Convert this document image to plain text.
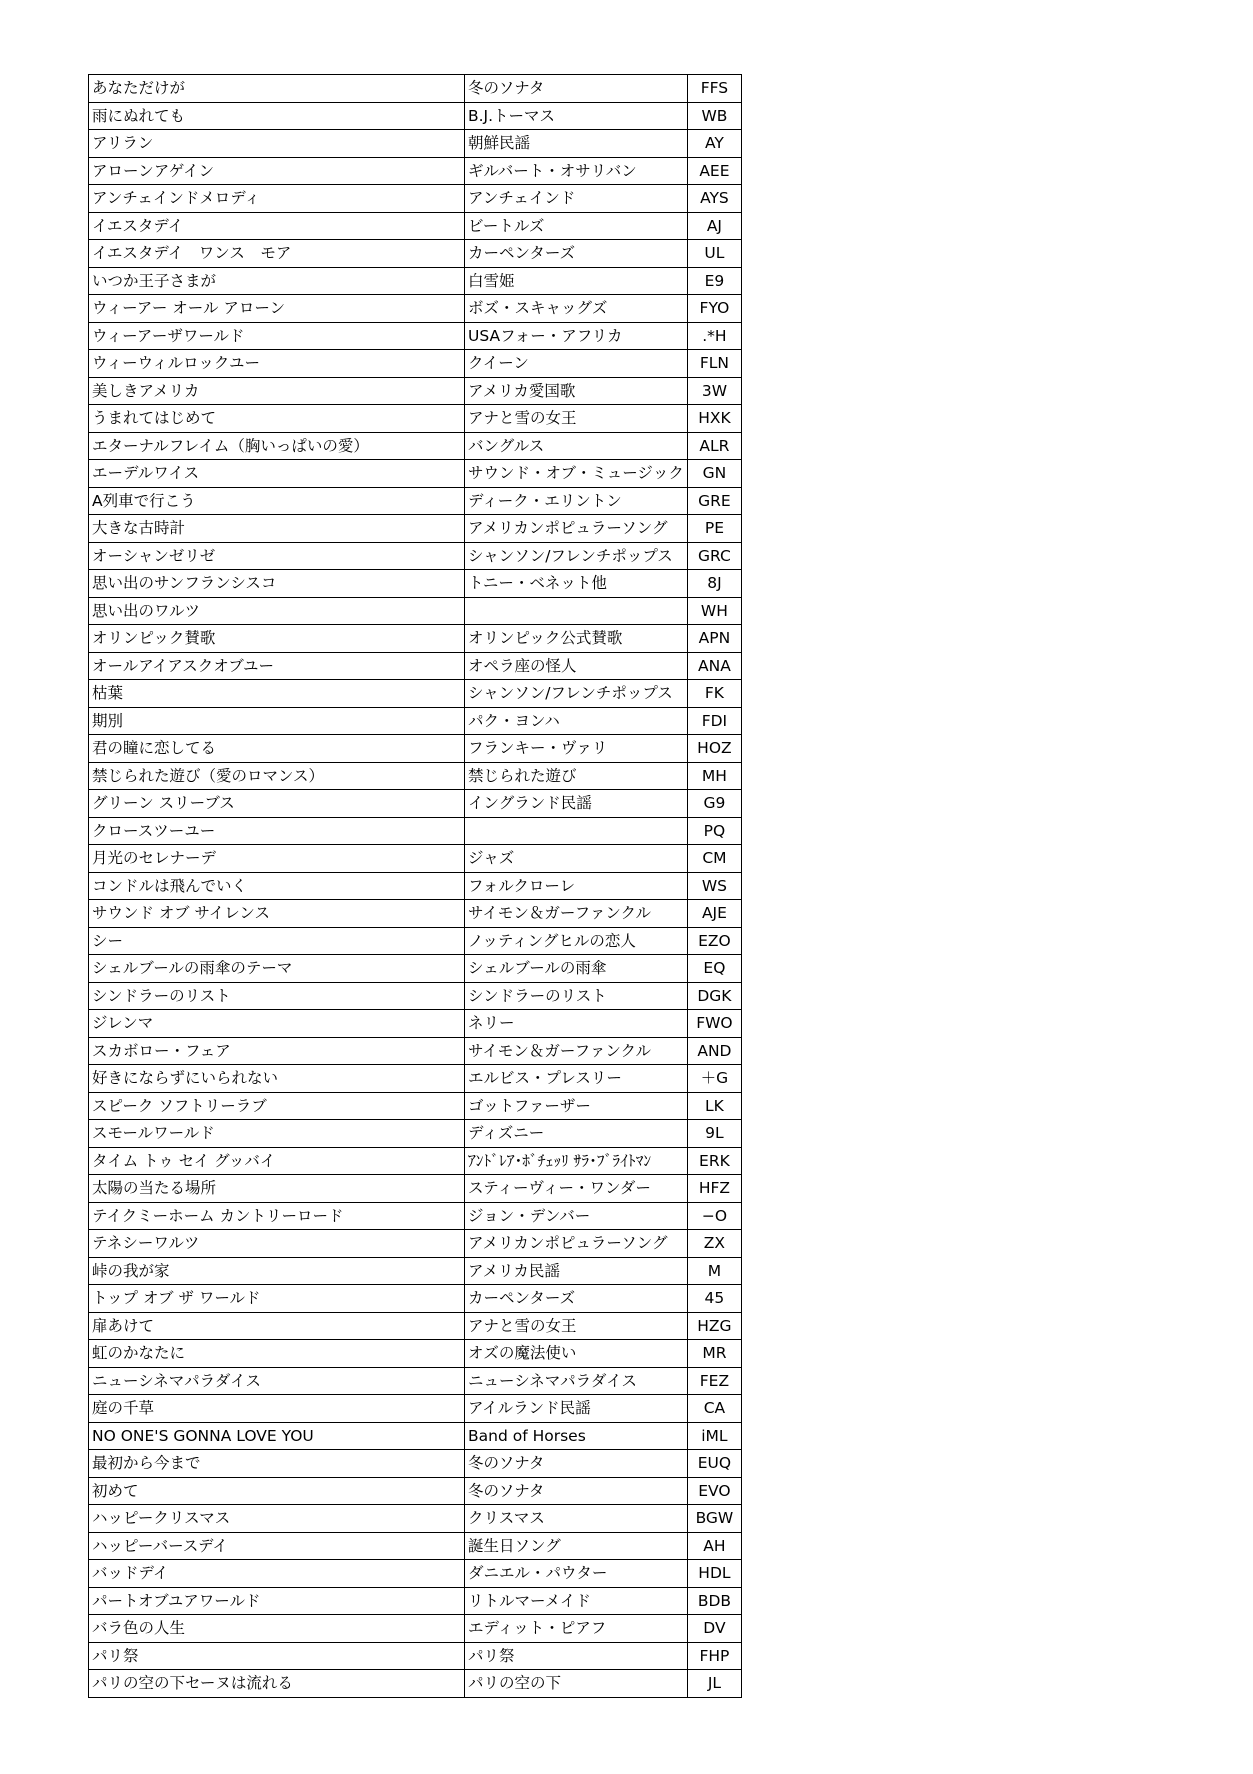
あなただけが	冬のソナタ	FFS
雨にぬれても	B.J.トーマス	WB
アリラン	朝鮮民謡	AY
アローンアゲイン	ギルバート・オサリバン	AEE
アンチェインドメロディ	アンチェインド	AYS
イエスタデイ	ビートルズ	AJ
イエスタデイ　ワンス　モア	カーペンターズ	UL
いつか王子さまが	白雪姫	E9
ウィーアー オール アローン	ボズ・スキャッグズ	FYO
ウィーアーザワールド	USAフォー・アフリカ	.*H
ウィーウィルロックユー	クイーン	FLN
美しきアメリカ	アメリカ愛国歌	3W
うまれてはじめて	アナと雪の女王	HXK
エターナルフレイム（胸いっぱいの愛）	バングルス	ALR
エーデルワイス	サウンド・オブ・ミュージック	GN
A列車で行こう	ディーク・エリントン	GRE
大きな古時計	アメリカンポピュラーソング	PE
オーシャンゼリゼ	シャンソン/フレンチポップス	GRC
思い出のサンフランシスコ	トニー・ベネット他	8J
思い出のワルツ		WH
オリンピック賛歌	オリンピック公式賛歌	APN
オールアイアスクオブユー	オペラ座の怪人	ANA
枯葉	シャンソン/フレンチポップス	FK
期別	パク・ヨンハ	FDI
君の瞳に恋してる	フランキー・ヴァリ	HOZ
禁じられた遊び（愛のロマンス）	禁じられた遊び	MH
グリーン スリーブス	イングランド民謡	G9
クロースツーユー		PQ
月光のセレナーデ	ジャズ	CM
コンドルは飛んでいく	フォルクローレ	WS
サウンド オブ サイレンス	サイモン＆ガーファンクル	AJE
シー	ノッティングヒルの恋人	EZO
シェルブールの雨傘のテーマ	シェルブールの雨傘	EQ
シンドラーのリスト	シンドラーのリスト	DGK
ジレンマ	ネリー	FWO
スカボロー・フェア	サイモン＆ガーファンクル	AND
好きにならずにいられない	エルビス・プレスリー	＋G
スピーク ソフトリーラブ	ゴットファーザー	LK
スモールワールド	ディズニー	9L
タイム トゥ セイ グッバイ	ｱﾝﾄﾞﾚｱ･ﾎﾞﾁｪｯﾘ ｻﾗ･ﾌﾞﾗｲﾄﾏﾝ	ERK
太陽の当たる場所	スティーヴィー・ワンダー	HFZ
テイクミーホーム カントリーロード	ジョン・デンバー	−O
テネシーワルツ	アメリカンポピュラーソング	ZX
峠の我が家	アメリカ民謡	M
トップ オブ ザ ワールド	カーペンターズ	45
扉あけて	アナと雪の女王	HZG
虹のかなたに	オズの魔法使い	MR
ニューシネマパラダイス	ニューシネマパラダイス	FEZ
庭の千草	アイルランド民謡	CA
NO ONE'S GONNA LOVE YOU	Band of Horses	iML
最初から今まで	冬のソナタ	EUQ
初めて	冬のソナタ	EVO
ハッピークリスマス	クリスマス	BGW
ハッピーバースデイ	誕生日ソング	AH
バッドデイ	ダニエル・パウター	HDL
パートオブユアワールド	リトルマーメイド	BDB
バラ色の人生	エディット・ピアフ	DV
パリ祭	パリ祭	FHP
パリの空の下セーヌは流れる	パリの空の下	JL
